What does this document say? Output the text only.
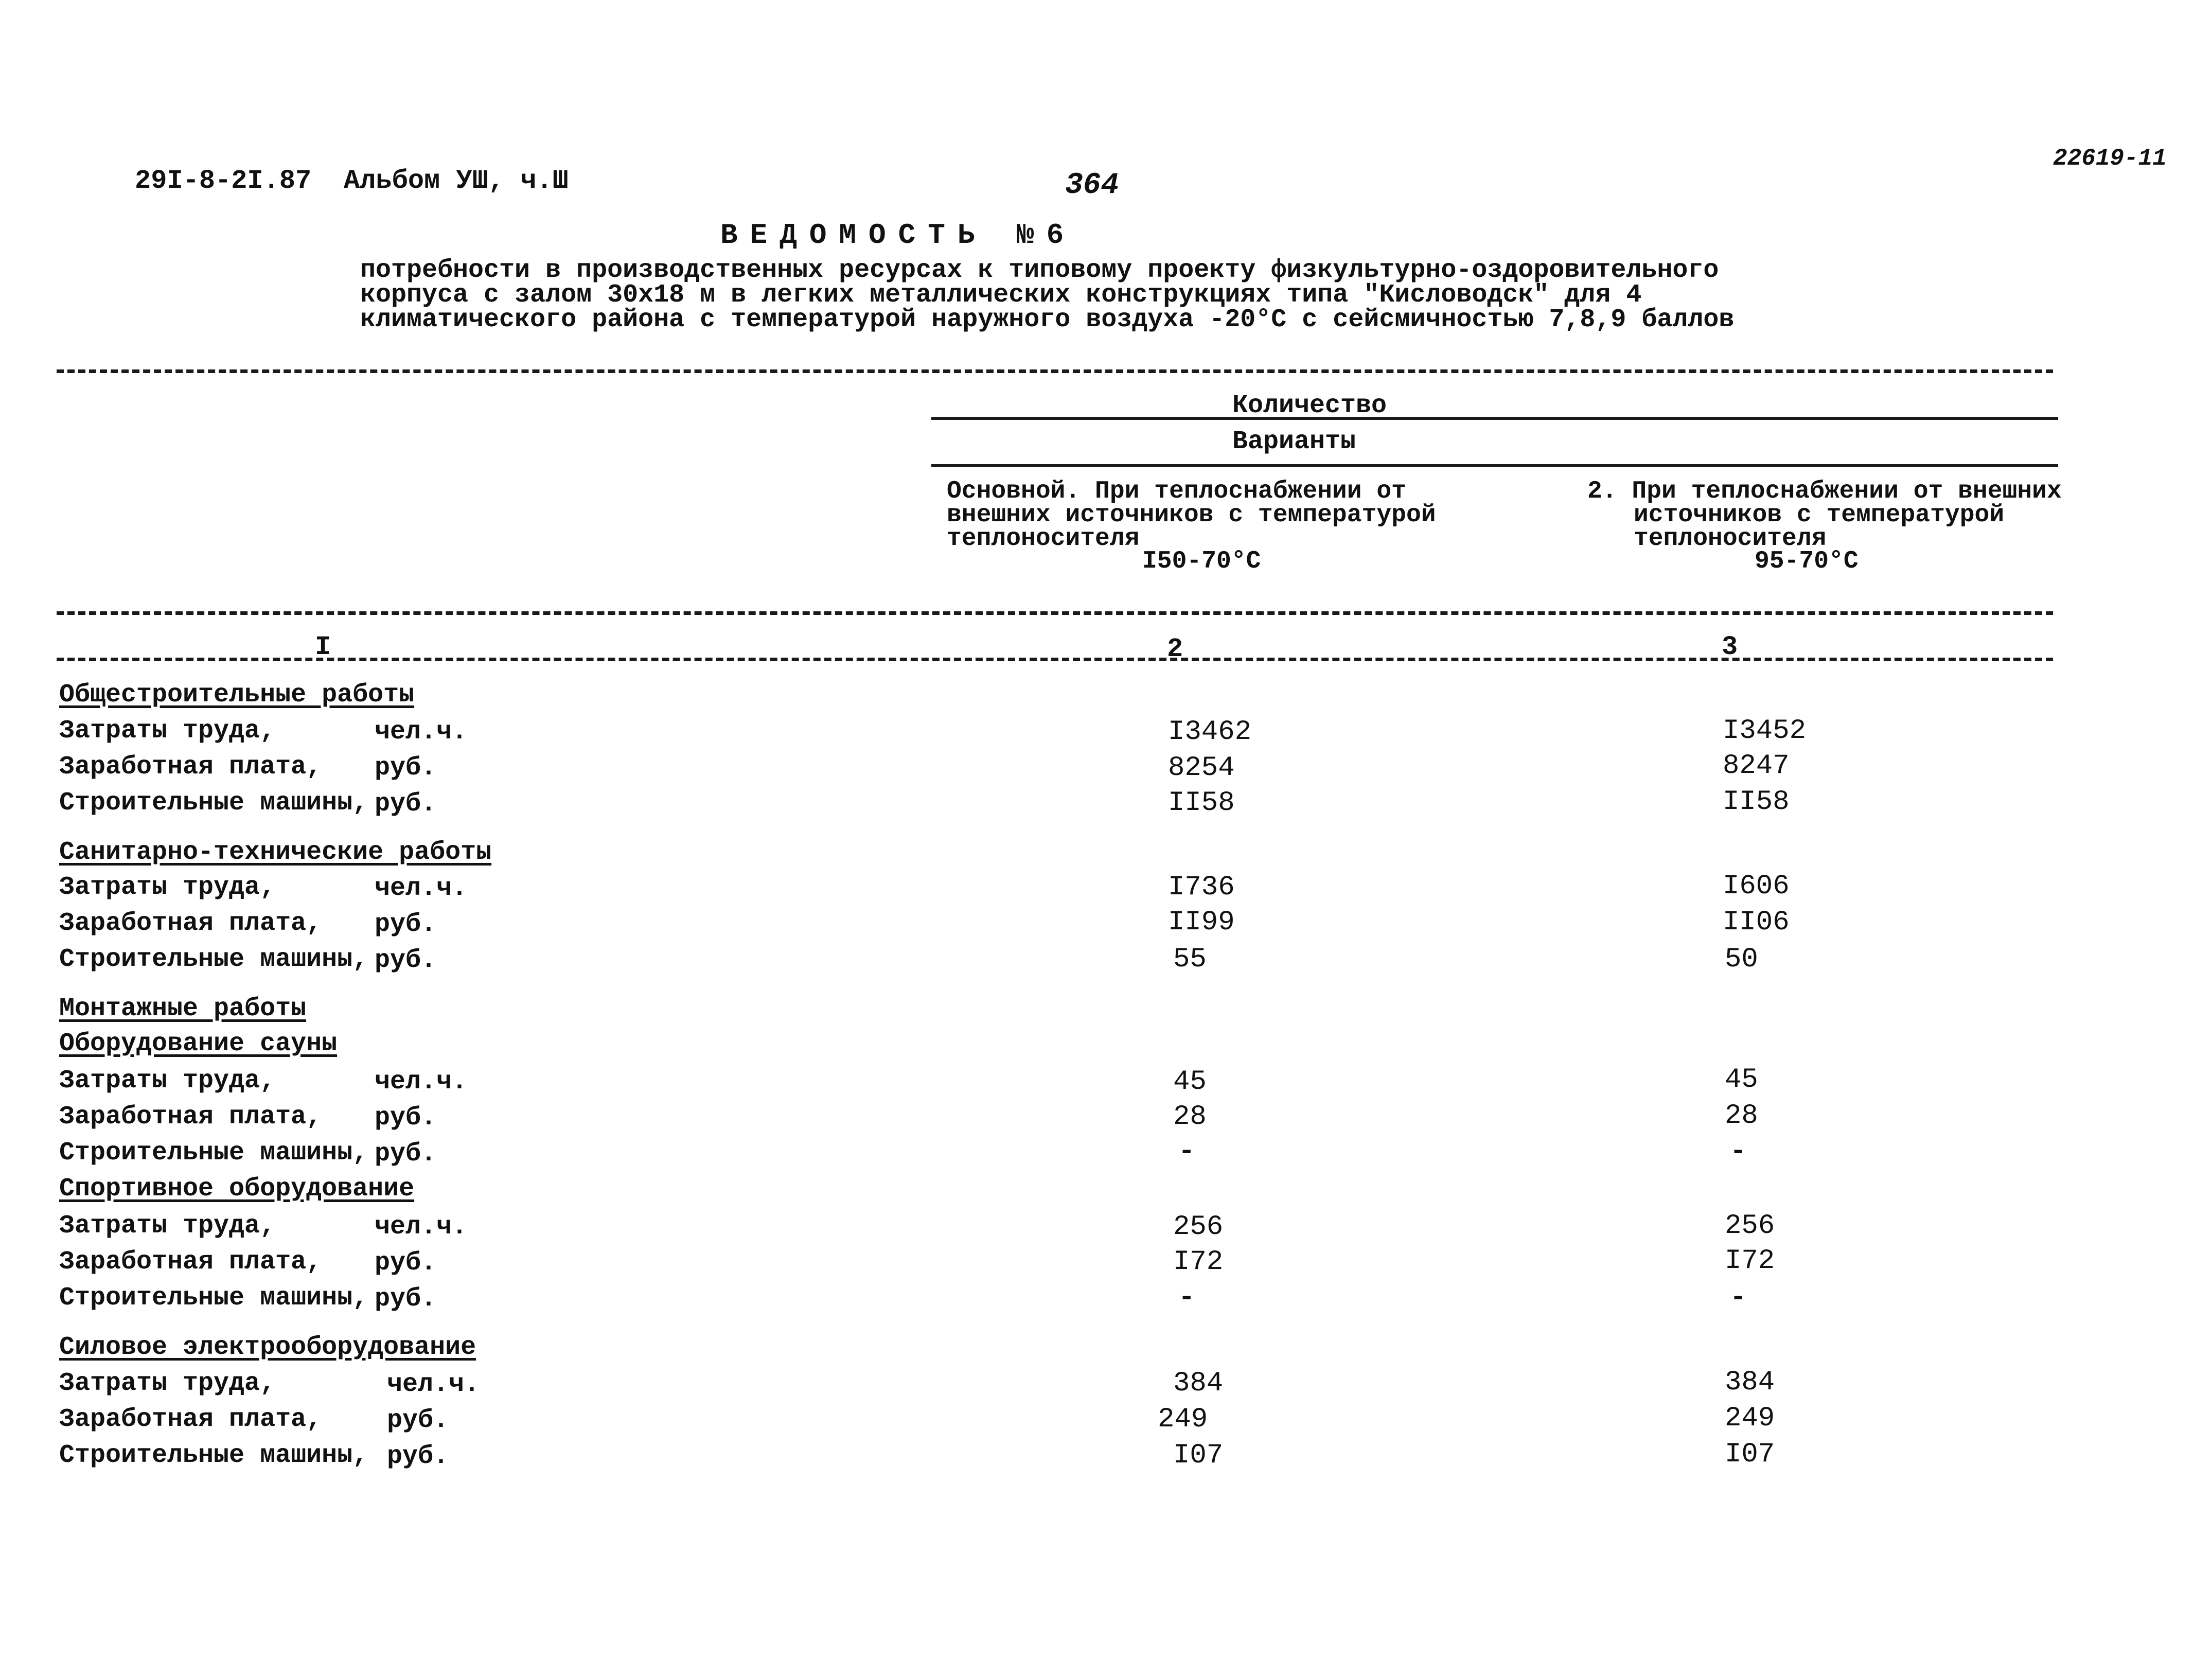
29I-8-2I.87 Альбом УШ, ч.Ш	364
22619-11
ВЕДОМОСТЬ №6
потребности в производственных ресурсах к типовому проекту физкультурно-оздоровительного
корпуса с залом 30х18 м в легких металлических конструкциях типа "Кисловодск" для 4
климатического района с температурой наружного воздуха -20°С с сейсмичностью 7,8,9 баллов
Количество
Варианты
Основной. При теплоснабжении от
внешних источников с температурой
теплоносителя
I50-70°С
2. При теплоснабжении от внешних
источников с температурой
теплоносителя
95-70°С
I	2	3
Общестроительные работы
Затраты труда,	чел.ч.	I3462	I3452
Заработная плата, руб.	8254	8247
Строительные машины, руб.	II58	II58
Санитарно-технические работы
Затраты труда,	чел.ч.	I736	I606
Заработная плата, руб.	II99	II06
Строительные машины, руб.	55	50
Монтажные работы
Оборудование сауны
Затраты труда,	чел.ч.	45	45
Заработная плата, руб.	28	28
Строительные машины, руб.	-	-
Спортивное оборудование
Затраты труда,	чел.ч.	256	256
Заработная плата, руб.	I72	I72
Строительные машины, руб.	-	-
Силовое электрооборудование
Затраты труда,	чел.ч.	384	384
Заработная плата,	руб.	249	249
Строительные машины, руб.	I07	I07
